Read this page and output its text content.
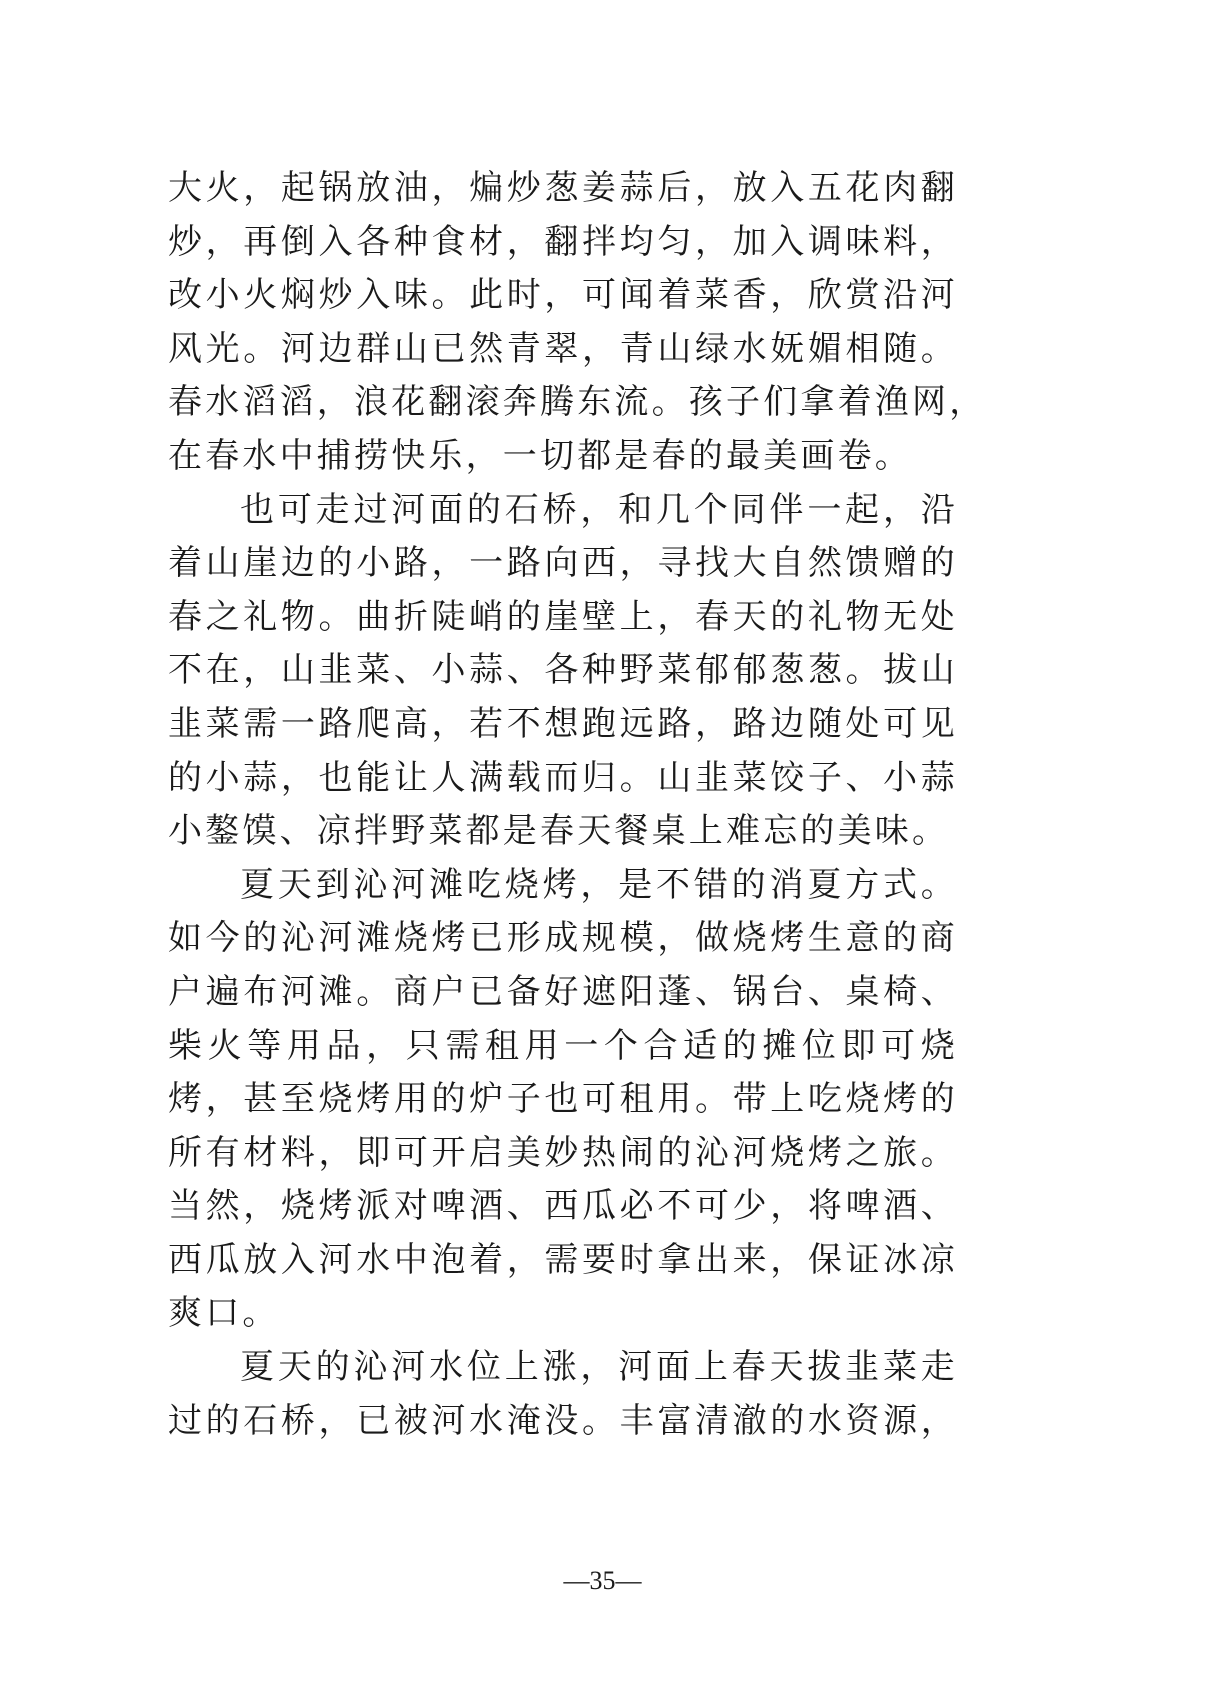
大火，起锅放油，煸炒葱姜蒜后，放入五花肉翻
炒，再倒入各种食材，翻拌均匀，加入调味料，
改小火焖炒入味。此时，可闻着菜香，欣赏沿河
风光。河边群山已然青翠，青山绿水妩媚相随。
春水滔滔，浪花翻滚奔腾东流。孩子们拿着渔网，
在春水中捕捞快乐，一切都是春的最美画卷。
也可走过河面的石桥，和几个同伴一起，沿
着山崖边的小路，一路向西，寻找大自然馈赠的
春之礼物。曲折陡峭的崖壁上，春天的礼物无处
不在，山韭菜、小蒜、各种野菜郁郁葱葱。拔山
韭菜需一路爬高，若不想跑远路，路边随处可见
的小蒜，也能让人满载而归。山韭菜饺子、小蒜
小鏊馍、凉拌野菜都是春天餐桌上难忘的美味。
夏天到沁河滩吃烧烤，是不错的消夏方式。
如今的沁河滩烧烤已形成规模，做烧烤生意的商
户遍布河滩。商户已备好遮阳蓬、锅台、桌椅、
柴火等用品，只需租用一个合适的摊位即可烧
烤，甚至烧烤用的炉子也可租用。带上吃烧烤的
所有材料，即可开启美妙热闹的沁河烧烤之旅。
当然，烧烤派对啤酒、西瓜必不可少，将啤酒、
西瓜放入河水中泡着，需要时拿出来，保证冰凉
爽口。
夏天的沁河水位上涨，河面上春天拔韭菜走
过的石桥，已被河水淹没。丰富清澈的水资源，
—35—
